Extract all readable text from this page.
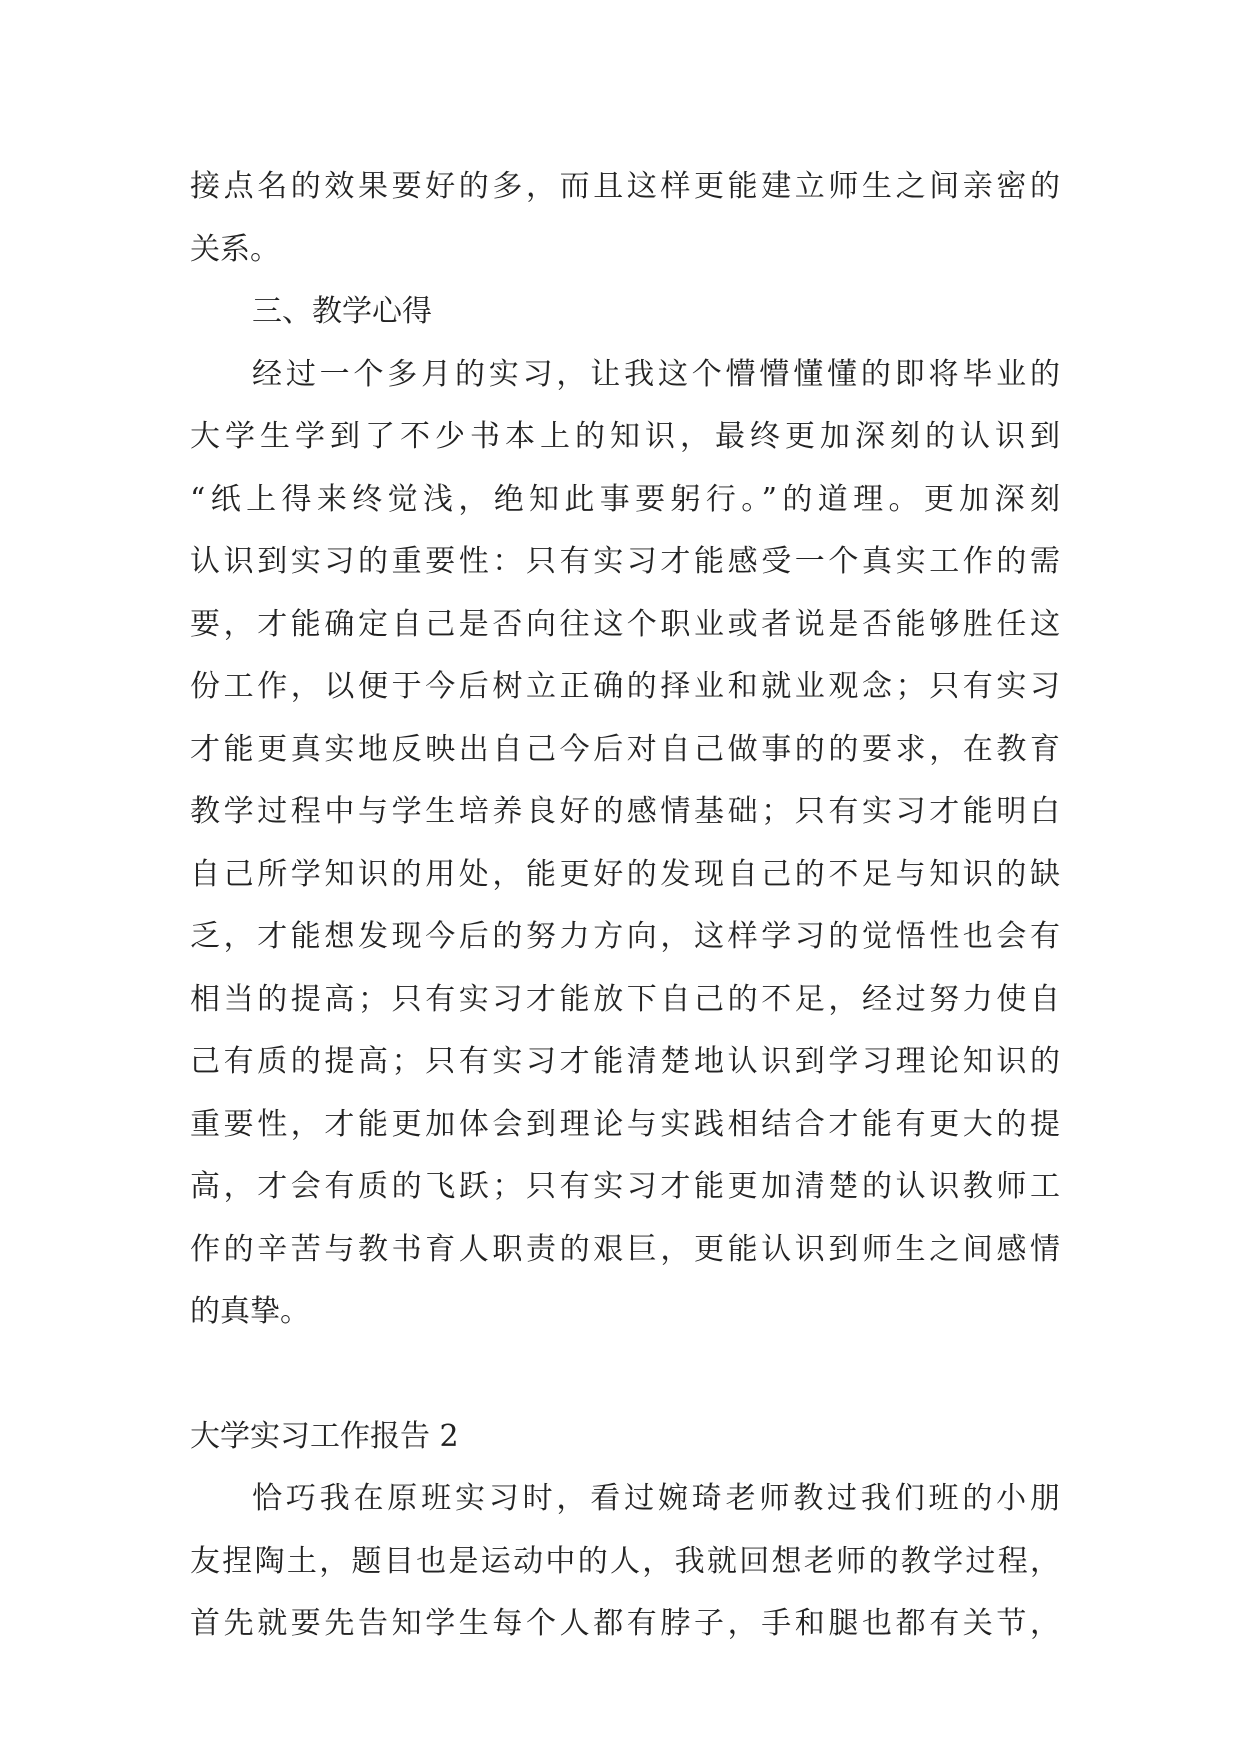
接点名的效果要好的多，而且这样更能建立师生之间亲密的
关系。
三、教学心得
经过一个多月的实习，让我这个懵懵懂懂的即将毕业的
大学生学到了不少书本上的知识，最终更加深刻的认识到
“纸上得来终觉浅，绝知此事要躬行。”的道理。更加深刻
认识到实习的重要性：只有实习才能感受一个真实工作的需
要，才能确定自己是否向往这个职业或者说是否能够胜任这
份工作，以便于今后树立正确的择业和就业观念；只有实习
才能更真实地反映出自己今后对自己做事的的要求，在教育
教学过程中与学生培养良好的感情基础；只有实习才能明白
自己所学知识的用处，能更好的发现自己的不足与知识的缺
乏，才能想发现今后的努力方向，这样学习的觉悟性也会有
相当的提高；只有实习才能放下自己的不足，经过努力使自
己有质的提高；只有实习才能清楚地认识到学习理论知识的
重要性，才能更加体会到理论与实践相结合才能有更大的提
高，才会有质的飞跃；只有实习才能更加清楚的认识教师工
作的辛苦与教书育人职责的艰巨，更能认识到师生之间感情
的真挚。
大学实习工作报告 2
恰巧我在原班实习时，看过婉琦老师教过我们班的小朋
友捏陶土，题目也是运动中的人，我就回想老师的教学过程，
首先就要先告知学生每个人都有脖子，手和腿也都有关节，
